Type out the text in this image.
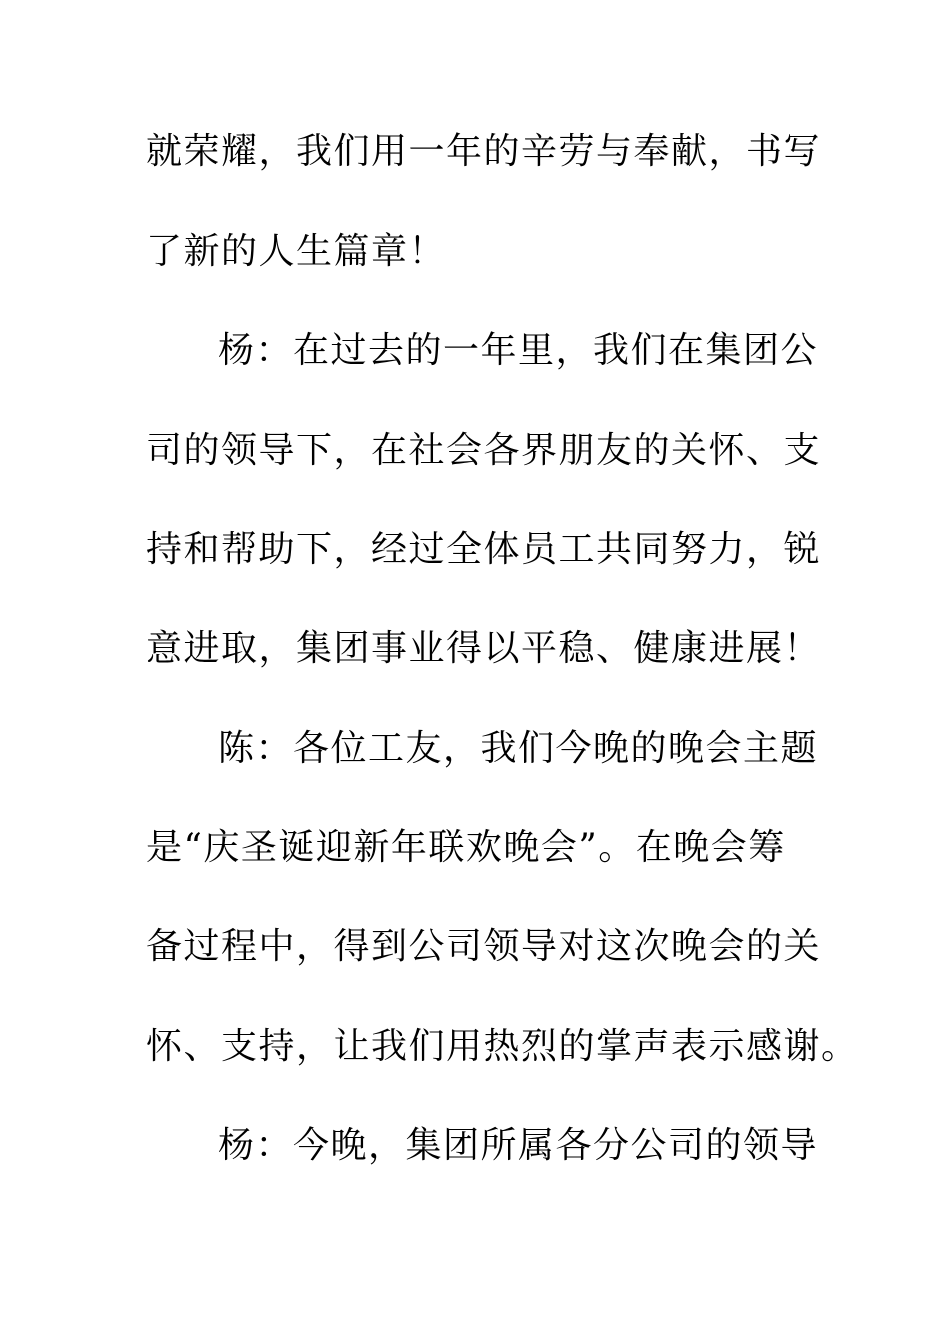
就荣耀，我们用一年的辛劳与奉献，书写
了新的人生篇章！
杨：在过去的一年里，我们在集团公
司的领导下，在社会各界朋友的关怀、支
持和帮助下，经过全体员工共同努力，锐
意进取，集团事业得以平稳、健康进展！
陈：各位工友，我们今晚的晚会主题
是“庆圣诞迎新年联欢晚会”。在晚会筹
备过程中，得到公司领导对这次晚会的关
怀、支持，让我们用热烈的掌声表示感谢。
杨：今晚，集团所属各分公司的领导
